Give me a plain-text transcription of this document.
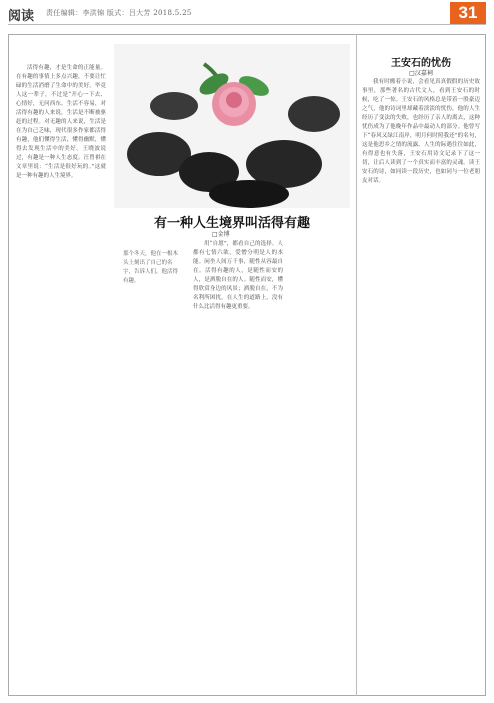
阅读 责任编辑：李洪锦 版式：吕大芳 2018.5.25	31

活得有趣，才是生命的正能量。在有趣的事情上多点兴趣，不要让忙碌的生活消磨了生命中的美好。毕竟人这一辈子，不过是“开心一下去、心情好，无问西东。生活不容易，对活得有趣的人来说，生活是不断被驱赶的过程。对无趣的人来说，生活是在为自己乏味，现代很多作家都活得有趣，他们懂得生活，懂得幽默，懂得去发现生活中的美好。王晓波说过，有趣是一种人生态度。汪曾祺在文章里说：“生活是很好玩的。”这就是一种有趣的人生境界。

有一种人生境界叫活得有趣
□金博
那个冬天，他在一根木头上刻出了自己的名字，告诉人们，他活得有趣。

用“自愿”，都看自己的选择。人都有七情六欲，爱憎分明是人的本能。闲坐人间万千事，随性从容最自在。活得有趣的人，是随性而安的人，是洒脱自在的人。随性而安，懂得欣赏身边的风景；洒脱自在，不为名利所困扰。在人生的道路上，没有什么比活得有趣更重要。

王安石的忧伤
□汉嘉祠

我有时搬着小说，会看见真真假假的历史故事里，那些著名的古代文人，看到王安石的时候，吃了一惊。王安石的风格总是带着一股豪迈之气，他的诗词里却藏着淡淡的忧伤。他的人生经历了变法的失败，也经历了亲人的离去，这种忧伤成为了他晚年作品中最动人的部分。他曾写下“春风又绿江南岸，明月何时照我还”的名句，这是他思乡之情的流露。人生的际遇往往如此，有得意也有失落，王安石用诗文记录下了这一切，让后人读到了一个真实而丰富的灵魂。读王安石的诗，如同读一段历史，也如同与一位老朋友对话。
